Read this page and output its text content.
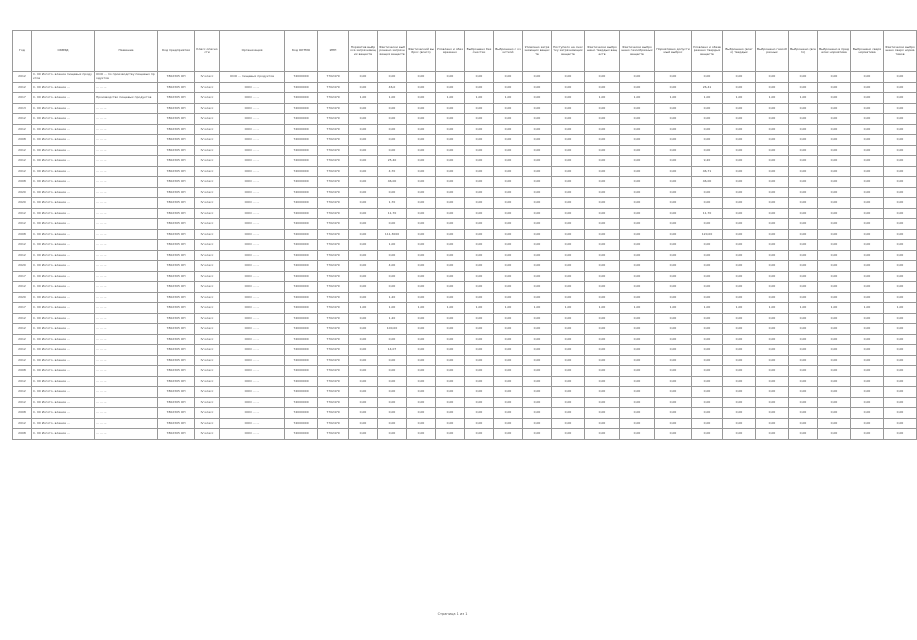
Год	ОКВЭД	Название	Код предприятия	Класс опасности	Организация	Код ОКТМО	ИНН	Норматив выброса загрязняющих веществ	Фактически выброшено загрязняющих веществ	Фактический выброс (всего)	Уловлено и обезврежено	Выброшено без очистки	Выброшено с очисткой	Уловлено загрязняющих веществ	Поступило на очистку загрязняющих веществ	Фактически выброшено твердых веществ	Фактически выброшено газообразных веществ	Нормативно допустимый выброс	Уловлено и обезврежено твердых веществ	Выброшено (всего) твердых	Выброшено газообразных	Выброшено (всего)	Выброшено в пределах норматива	Выброшено сверх норматива	Фактически выброшено сверх нормативов
2012	С. 00 Изгото- вление пищевых продуктов	ООО ... по производству пищевых продуктов	7802305 ОП	IV класс	ООО ... пищевых продуктов	74000000	7702479	0,00	0,00	0,00	0,00	0,00	0,00	0,00	0,00	0,00	0,00	0,00	0,00	0,00	0,00	0,00	0,00	0,00	0,00
2012	С. 00 Изгото- вление ...	... ... ...	7802305 ОП	IV класс	ООО ... ...	74000000	7702479	0,00	46,0	0,00	0,00	0,00	0,00	0,00	0,00	0,00	0,00	0,00	26,41	0,00	0,00	0,00	0,00	0,00	0,00
2017	С. 00 Изгото- вление ...	Производство пищевых продуктов	7802305 ОП	IV класс	ООО ... ...	74000000	7702479	1,00	1,00	0,00	1,00	1,00	1,00	0,00	0,00	1,00	1,00	1,00	1,00	1,00	1,00	1,00	0,00	0,00	0,00
2013	С. 00 Изгото- вление ...	... ... ...	7802305 ОП	IV класс	ООО ... ...	74000000	7702479	0,00	0,00	0,00	0,00	0,00	0,00	0,00	0,00	0,00	0,00	0,00	0,00	0,00	0,00	0,00	0,00	0,00	0,00
2012	С. 00 Изгото- вление ...	... ... ...	7802305 ОП	IV класс	ООО ... ...	74000000	7702479	0,00	0,00	0,00	0,00	0,00	0,00	0,00	0,00	0,00	0,00	0,00	0,00	0,00	0,00	0,00	0,00	0,00	0,00
2012	С. 00 Изгото- вление ...	... ... ...	7802305 ОП	IV класс	ООО ... ...	74000000	7702479	0,00	0,00	0,00	0,00	0,00	0,00	0,00	0,00	0,00	0,00	0,00	0,00	0,00	0,00	0,00	0,00	0,00	0,00
2008	С. 00 Изгото- вление ...	... ... ...	7802305 ОП	IV класс	ООО ... ...	74000000	7702479	0,00	0,00	0,00	0,00	0,00	0,00	0,00	0,00	0,00	0,00	0,00	0,00	0,00	0,00	0,00	0,00	0,00	0,00
2012	С. 00 Изгото- вление ...	... ... ...	7802305 ОП	IV класс	ООО ... ...	74000000	7702479	0,00	0,00	0,00	0,00	0,00	0,00	0,00	0,00	0,00	0,00	0,00	0,00	0,00	0,00	0,00	0,00	0,00	0,00
2012	С. 00 Изгото- вление ...	... ... ...	7802305 ОП	IV класс	ООО ... ...	74000000	7702479	0,00	25,40	0,00	0,00	0,00	0,00	0,00	0,00	0,00	0,00	0,00	9,20	0,00	0,00	0,00	0,00	0,00	0,00
2012	С. 00 Изгото- вление ...	... ... ...	7802305 ОП	IV класс	ООО ... ...	74000000	7702479	0,00	4,70	0,00	0,00	0,00	0,00	0,00	0,00	0,00	0,00	0,00	46,71	0,00	0,00	0,00	0,00	0,00	0,00
2008	С. 00 Изгото- вление ...	... ... ...	7802305 ОП	IV класс	ООО ... ...	74000000	7702479	0,00	46,00	0,00	0,00	0,00	0,00	0,00	0,00	0,00	0,00	0,00	46,00	0,00	0,00	0,00	0,00	0,00	0,00
2020	С. 00 Изгото- вление ...	... ... ...	7802305 ОП	IV класс	ООО ... ...	74000000	7702479	0,00	0,00	0,00	0,00	0,00	0,00	0,00	0,00	0,00	0,00	0,00	0,00	0,00	0,00	0,00	0,00	0,00	0,00
2020	С. 00 Изгото- вление ...	... ... ...	7802305 ОП	IV класс	ООО ... ...	74000000	7702479	0,00	1,70	0,00	0,00	0,00	0,00	0,00	0,00	0,00	0,00	0,00	0,00	0,00	0,00	0,00	0,00	0,00	0,00
2012	С. 00 Изгото- вление ...	... ... ...	7802305 ОП	IV класс	ООО ... ...	74000000	7702479	0,00	11,70	0,00	0,00	0,00	0,00	0,00	0,00	0,00	0,00	0,00	11,70	0,00	0,00	0,00	0,00	0,00	0,00
2012	С. 00 Изгото- вление ...	... ... ...	7802305 ОП	IV класс	ООО ... ...	74000000	7702479	0,00	0,00	0,00	0,00	0,00	0,00	0,00	0,00	0,00	0,00	0,00	0,00	0,00	0,00	0,00	0,00	0,00	0,00
2008	С. 00 Изгото- вление ...	... ... ...	7802305 ОП	IV класс	ООО ... ...	74000000	7702479	0,00	111,3000	0,00	0,00	0,00	0,00	0,00	0,00	0,00	0,00	0,00	120,00	0,00	0,00	0,00	0,00	0,00	0,00
2012	С. 00 Изгото- вление ...	... ... ...	7802305 ОП	IV класс	ООО ... ...	74000000	7702479	0,00	1,00	0,00	0,00	0,00	0,00	0,00	0,00	0,00	0,00	0,00	0,00	0,00	0,00	0,00	0,00	0,00	0,00
2012	С. 00 Изгото- вление ...	... ... ...	7802305 ОП	IV класс	ООО ... ...	74000000	7702479	0,00	0,00	0,00	0,00	0,00	0,00	0,00	0,00	0,00	0,00	0,00	0,00	0,00	0,00	0,00	0,00	0,00	0,00
2020	С. 00 Изгото- вление ...	... ... ...	7802305 ОП	IV класс	ООО ... ...	74000000	7702479	0,00	4,00	0,00	0,00	0,00	0,00	0,00	0,00	0,00	0,00	0,00	0,00	0,00	0,00	0,00	0,00	0,00	0,00
2017	С. 00 Изгото- вление ...	... ... ...	7802305 ОП	IV класс	ООО ... ...	74000000	7702479	0,00	0,00	0,00	0,00	0,00	0,00	0,00	0,00	0,00	0,00	0,00	0,00	0,00	0,00	0,00	0,00	0,00	0,00
2012	С. 00 Изгото- вление ...	... ... ...	7802305 ОП	IV класс	ООО ... ...	74000000	7702479	0,00	0,00	0,00	0,00	0,00	0,00	0,00	0,00	0,00	0,00	0,00	0,00	0,00	0,00	0,00	0,00	0,00	0,00
2020	С. 00 Изгото- вление ...	... ... ...	7802305 ОП	IV класс	ООО ... ...	74000000	7702479	0,00	1,20	0,00	0,00	0,00	0,00	0,00	0,00	0,00	0,00	0,00	0,00	0,00	0,00	0,00	0,00	0,00	0,00
2017	С. 00 Изгото- вление ...	... ... ...	7802305 ОП	IV класс	ООО ... ...	74000000	7702479	1,00	1,00	1,00	1,00	1,00	1,00	1,00	1,00	1,00	1,00	1,00	1,00	1,00	1,00	1,00	1,00	1,00	1,00
2012	С. 00 Изгото- вление ...	... ... ...	7802305 ОП	IV класс	ООО ... ...	74000000	7702479	0,00	1,20	0,00	0,00	0,00	0,00	0,00	0,00	0,00	0,00	0,00	0,00	0,00	0,00	0,00	0,00	0,00	0,00
2012	С. 00 Изгото- вление ...	... ... ...	7802305 ОП	IV класс	ООО ... ...	74000000	7702479	0,00	100,00	0,00	0,00	0,00	0,00	0,00	0,00	0,00	0,00	0,00	0,00	0,00	0,00	0,00	0,00	0,00	0,00
2012	С. 00 Изгото- вление ...	... ... ...	7802305 ОП	IV класс	ООО ... ...	74000000	7702479	0,00	0,00	0,00	0,00	0,00	0,00	0,00	0,00	0,00	0,00	0,00	0,00	0,00	0,00	0,00	0,00	0,00	0,00
2012	С. 00 Изгото- вление ...	... ... ...	7802305 ОП	IV класс	ООО ... ...	74000000	7702479	0,00	14,07	0,00	0,00	0,00	0,00	0,00	0,00	0,00	0,00	0,00	0,00	0,00	0,00	0,00	0,00	0,00	0,00
2012	С. 00 Изгото- вление ...	... ... ...	7802305 ОП	IV класс	ООО ... ...	74000000	7702479	0,00	0,00	0,00	0,00	0,00	0,00	0,00	0,00	0,00	0,00	0,00	0,00	0,00	0,00	0,00	0,00	0,00	0,00
2008	С. 00 Изгото- вление ...	... ... ...	7802305 ОП	IV класс	ООО ... ...	74000000	7702479	0,00	0,00	0,00	0,00	0,00	0,00	0,00	0,00	0,00	0,00	0,00	0,00	0,00	0,00	0,00	0,00	0,00	0,00
2012	С. 00 Изгото- вление ...	... ... ...	7802305 ОП	IV класс	ООО ... ...	74000000	7702479	0,00	0,00	0,00	0,00	0,00	0,00	0,00	0,00	0,00	0,00	0,00	0,00	0,00	0,00	0,00	0,00	0,00	0,00
2012	С. 00 Изгото- вление ...	... ... ...	7802305 ОП	IV класс	ООО ... ...	74000000	7702479	0,00	0,00	0,00	0,00	0,00	0,00	0,00	0,00	0,00	0,00	0,00	0,00	0,00	0,00	0,00	0,00	0,00	0,00
2012	С. 00 Изгото- вление ...	... ... ...	7802305 ОП	IV класс	ООО ... ...	74000000	7702479	0,00	0,00	0,00	0,00	0,00	0,00	0,00	0,00	0,00	0,00	0,00	0,00	0,00	0,00	0,00	0,00	0,00	0,00
2008	С. 00 Изгото- вление ...	... ... ...	7802305 ОП	IV класс	ООО ... ...	74000000	7702479	0,00	0,00	0,00	0,00	0,00	0,00	0,00	0,00	0,00	0,00	0,00	0,00	0,00	0,00	0,00	0,00	0,00	0,00
2012	С. 00 Изгото- вление ...	... ... ...	7802305 ОП	IV класс	ООО ... ...	74000000	7702479	0,00	0,00	0,00	0,00	0,00	0,00	0,00	0,00	0,00	0,00	0,00	0,00	0,00	0,00	0,00	0,00	0,00	0,00
2008	С. 00 Изгото- вление ...	... ... ...	7802305 ОП	IV класс	ООО ... ...	74000000	7702479	0,00	0,00	0,00	0,00	0,00	0,00	0,00	0,00	0,00	0,00	0,00	0,00	0,00	0,00	0,00	0,00	0,00	0,00
Страница 1 из 1
